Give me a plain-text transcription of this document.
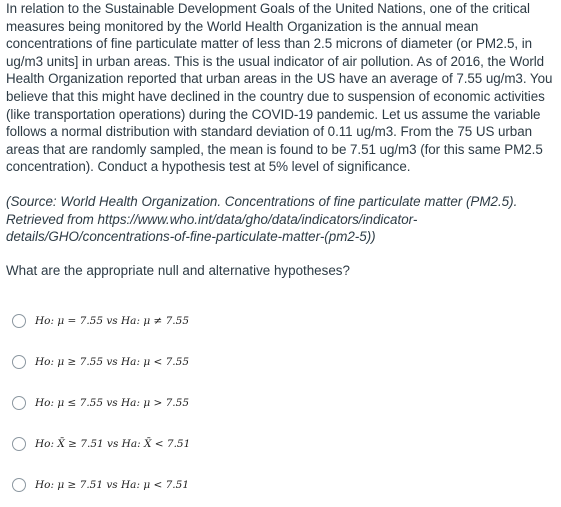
In relation to the Sustainable Development Goals of the United Nations, one of the critical measures being monitored by the World Health Organization is the annual mean concentrations of fine particulate matter of less than 2.5 microns of diameter (or PM2.5, in ug/m3 units] in urban areas. This is the usual indicator of air pollution. As of 2016, the World Health Organization reported that urban areas in the US have an average of 7.55 ug/m3. You believe that this might have declined in the country due to suspension of economic activities (like transportation operations) during the COVID-19 pandemic. Let us assume the variable follows a normal distribution with standard deviation of 0.11 ug/m3. From the 75 US urban areas that are randomly sampled, the mean is found to be 7.51 ug/m3 (for this same PM2.5 concentration). Conduct a hypothesis test at 5% level of significance.

(Source: World Health Organization. Concentrations of fine particulate matter (PM2.5). Retrieved from https://www.who.int/data/gho/data/indicators/indicator-details/GHO/concentrations-of-fine-particulate-matter-(pm2-5))

What are the appropriate null and alternative hypotheses?

Ho: μ = 7.55 vs Ha: μ ≠ 7.55
Ho: μ ≥ 7.55 vs Ha: μ < 7.55
Ho: μ ≤ 7.55 vs Ha: μ > 7.55
Ho: X̄ ≥ 7.51 vs Ha: X̄ < 7.51
Ho: μ ≥ 7.51 vs Ha: μ < 7.51
